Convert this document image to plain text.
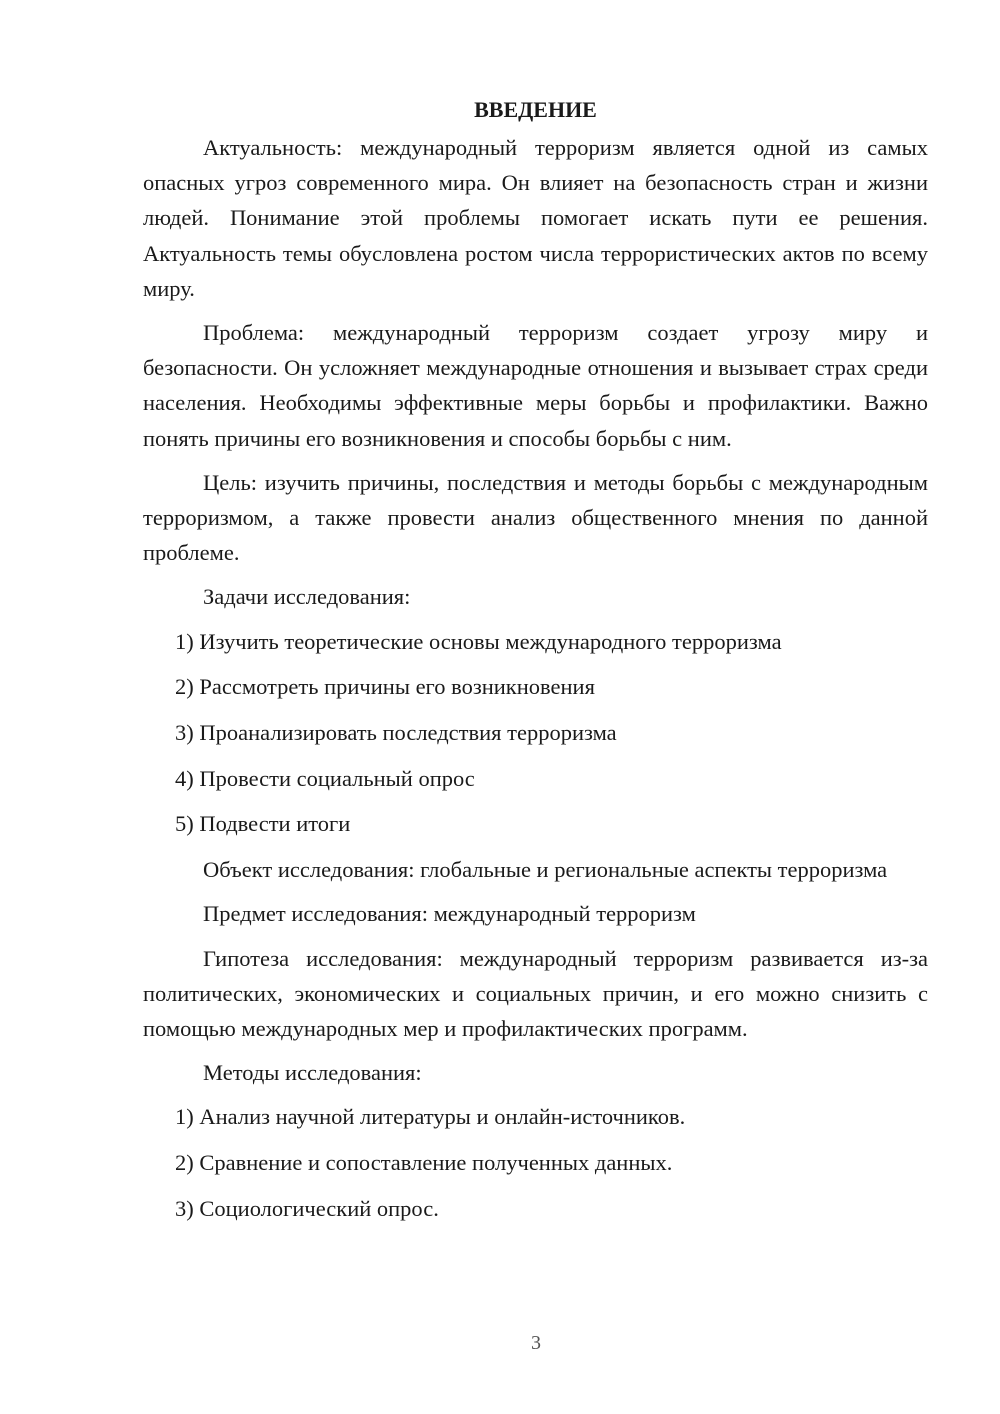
ВВЕДЕНИЕ

Актуальность: международный терроризм является одной из самых опасных угроз современного мира. Он влияет на безопасность стран и жизни людей. Понимание этой проблемы помогает искать пути ее решения. Актуальность темы обусловлена ростом числа террористических актов по всему миру.

Проблема: международный терроризм создает угрозу миру и безопасности. Он усложняет международные отношения и вызывает страх среди населения. Необходимы эффективные меры борьбы и профилактики. Важно понять причины его возникновения и способы борьбы с ним.

Цель: изучить причины, последствия и методы борьбы с международным терроризмом, а также провести анализ общественного мнения по данной проблеме.

Задачи исследования:

1) Изучить теоретические основы международного терроризма
2) Рассмотреть причины его возникновения
3) Проанализировать последствия терроризма
4) Провести социальный опрос
5) Подвести итоги

Объект исследования: глобальные и региональные аспекты терроризма

Предмет исследования: международный терроризм

Гипотеза исследования: международный терроризм развивается из-за политических, экономических и социальных причин, и его можно снизить с помощью международных мер и профилактических программ.

Методы исследования:

1) Анализ научной литературы и онлайн-источников.
2) Сравнение и сопоставление полученных данных.
3) Социологический опрос.
3
